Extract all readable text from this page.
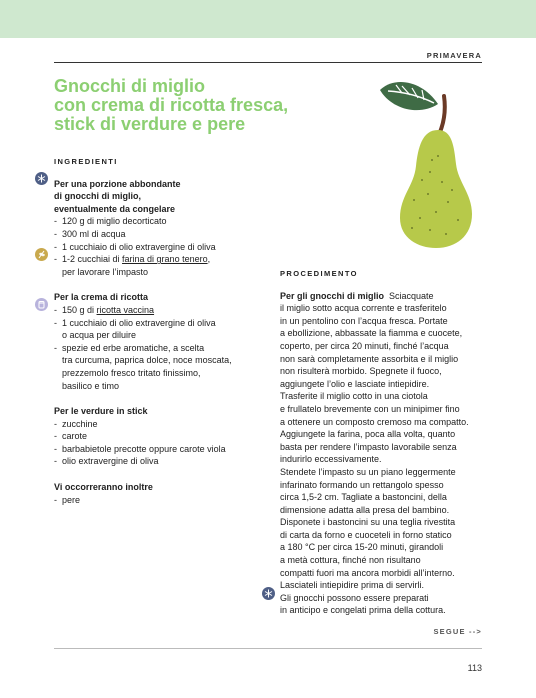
PRIMAVERA
Gnocchi di miglio
con crema di ricotta fresca,
stick di verdure e pere
INGREDIENTI
Per una porzione abbondante
di gnocchi di miglio,
eventualmente da congelare
- 120 g di miglio decorticato
- 300 ml di acqua
- 1 cucchiaio di olio extravergine di oliva
- 1-2 cucchiai di farina di grano tenero,
per lavorare l’impasto
Per la crema di ricotta
- 150 g di ricotta vaccina
- 1 cucchiaio di olio extravergine di oliva
o acqua per diluire
- spezie ed erbe aromatiche, a scelta
tra curcuma, paprica dolce, noce moscata,
prezzemolo fresco tritato finissimo,
basilico e timo
Per le verdure in stick
- zucchine
- carote
- barbabietole precotte oppure carote viola
- olio extravergine di oliva
Vi occorreranno inoltre
- pere
PROCEDIMENTO

Per gli gnocchi di miglio Sciacquate

il miglio sotto acqua corrente e trasferitelo

in un pentolino con l’acqua fresca. Portate

a ebollizione, abbassate la fiamma e cuocete,

coperto, per circa 20 minuti, finché l’acqua

non sarà completamente assorbita e il miglio

non risulterà morbido. Spegnete il fuoco,

aggiungete l’olio e lasciate intiepidire.

Trasferite il miglio cotto in una ciotola

e frullatelo brevemente con un minipimer fino

a ottenere un composto cremoso ma compatto.

Aggiungete la farina, poca alla volta, quanto

basta per rendere l’impasto lavorabile senza

indurirlo eccessivamente.

Stendete l’impasto su un piano leggermente

infarinato formando un rettangolo spesso

circa 1,5-2 cm. Tagliate a bastoncini, della

dimensione adatta alla presa del bambino.

Disponete i bastoncini su una teglia rivestita

di carta da forno e cuoceteli in forno statico

a 180 °C per circa 15-20 minuti, girandoli

a metà cottura, finché non risultano

compatti fuori ma ancora morbidi all’interno.

Lasciateli intiepidire prima di servirli.

Gli gnocchi possono essere preparati

in anticipo e congelati prima della cottura.

SEGUE -->
113
